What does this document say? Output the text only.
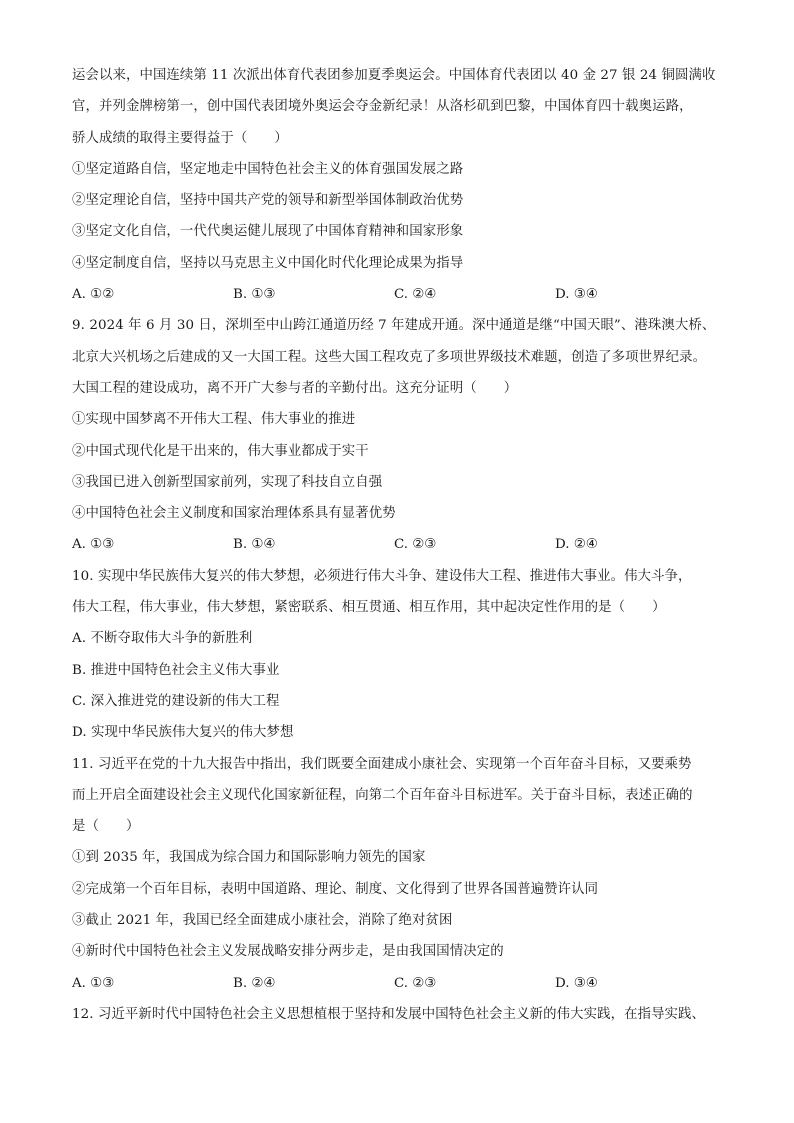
运会以来，中国连续第 11 次派出体育代表团参加夏季奥运会。中国体育代表团以 40 金 27 银 24 铜圆满收
官，并列金牌榜第一，创中国代表团境外奥运会夺金新纪录！从洛杉矶到巴黎，中国体育四十载奥运路，
骄人成绩的取得主要得益于（　　）
①坚定道路自信，坚定地走中国特色社会主义的体育强国发展之路
②坚定理论自信，坚持中国共产党的领导和新型举国体制政治优势
③坚定文化自信，一代代奥运健儿展现了中国体育精神和国家形象
④坚定制度自信，坚持以马克思主义中国化时代化理论成果为指导
A. ①②	B. ①③	C. ②④	D. ③④
9. 2024 年 6 月 30 日，深圳至中山跨江通道历经 7 年建成开通。深中通道是继“中国天眼”、港珠澳大桥、
北京大兴机场之后建成的又一大国工程。这些大国工程攻克了多项世界级技术难题，创造了多项世界纪录。
大国工程的建设成功，离不开广大参与者的辛勤付出。这充分证明（　　）
①实现中国梦离不开伟大工程、伟大事业的推进
②中国式现代化是干出来的，伟大事业都成于实干
③我国已进入创新型国家前列，实现了科技自立自强
④中国特色社会主义制度和国家治理体系具有显著优势
A. ①③	B. ①④	C. ②③	D. ②④
10. 实现中华民族伟大复兴的伟大梦想，必须进行伟大斗争、建设伟大工程、推进伟大事业。伟大斗争，
伟大工程，伟大事业，伟大梦想，紧密联系、相互贯通、相互作用，其中起决定性作用的是（　　）
A. 不断夺取伟大斗争的新胜利
B. 推进中国特色社会主义伟大事业
C. 深入推进党的建设新的伟大工程
D. 实现中华民族伟大复兴的伟大梦想
11. 习近平在党的十九大报告中指出，我们既要全面建成小康社会、实现第一个百年奋斗目标，又要乘势
而上开启全面建设社会主义现代化国家新征程，向第二个百年奋斗目标进军。关于奋斗目标，表述正确的
是（　　）
①到 2035 年，我国成为综合国力和国际影响力领先的国家
②完成第一个百年目标，表明中国道路、理论、制度、文化得到了世界各国普遍赞许认同
③截止 2021 年，我国已经全面建成小康社会，消除了绝对贫困
④新时代中国特色社会主义发展战略安排分两步走，是由我国国情决定的
A. ①③	B. ②④	C. ②③	D. ③④
12. 习近平新时代中国特色社会主义思想植根于坚持和发展中国特色社会主义新的伟大实践，在指导实践、
